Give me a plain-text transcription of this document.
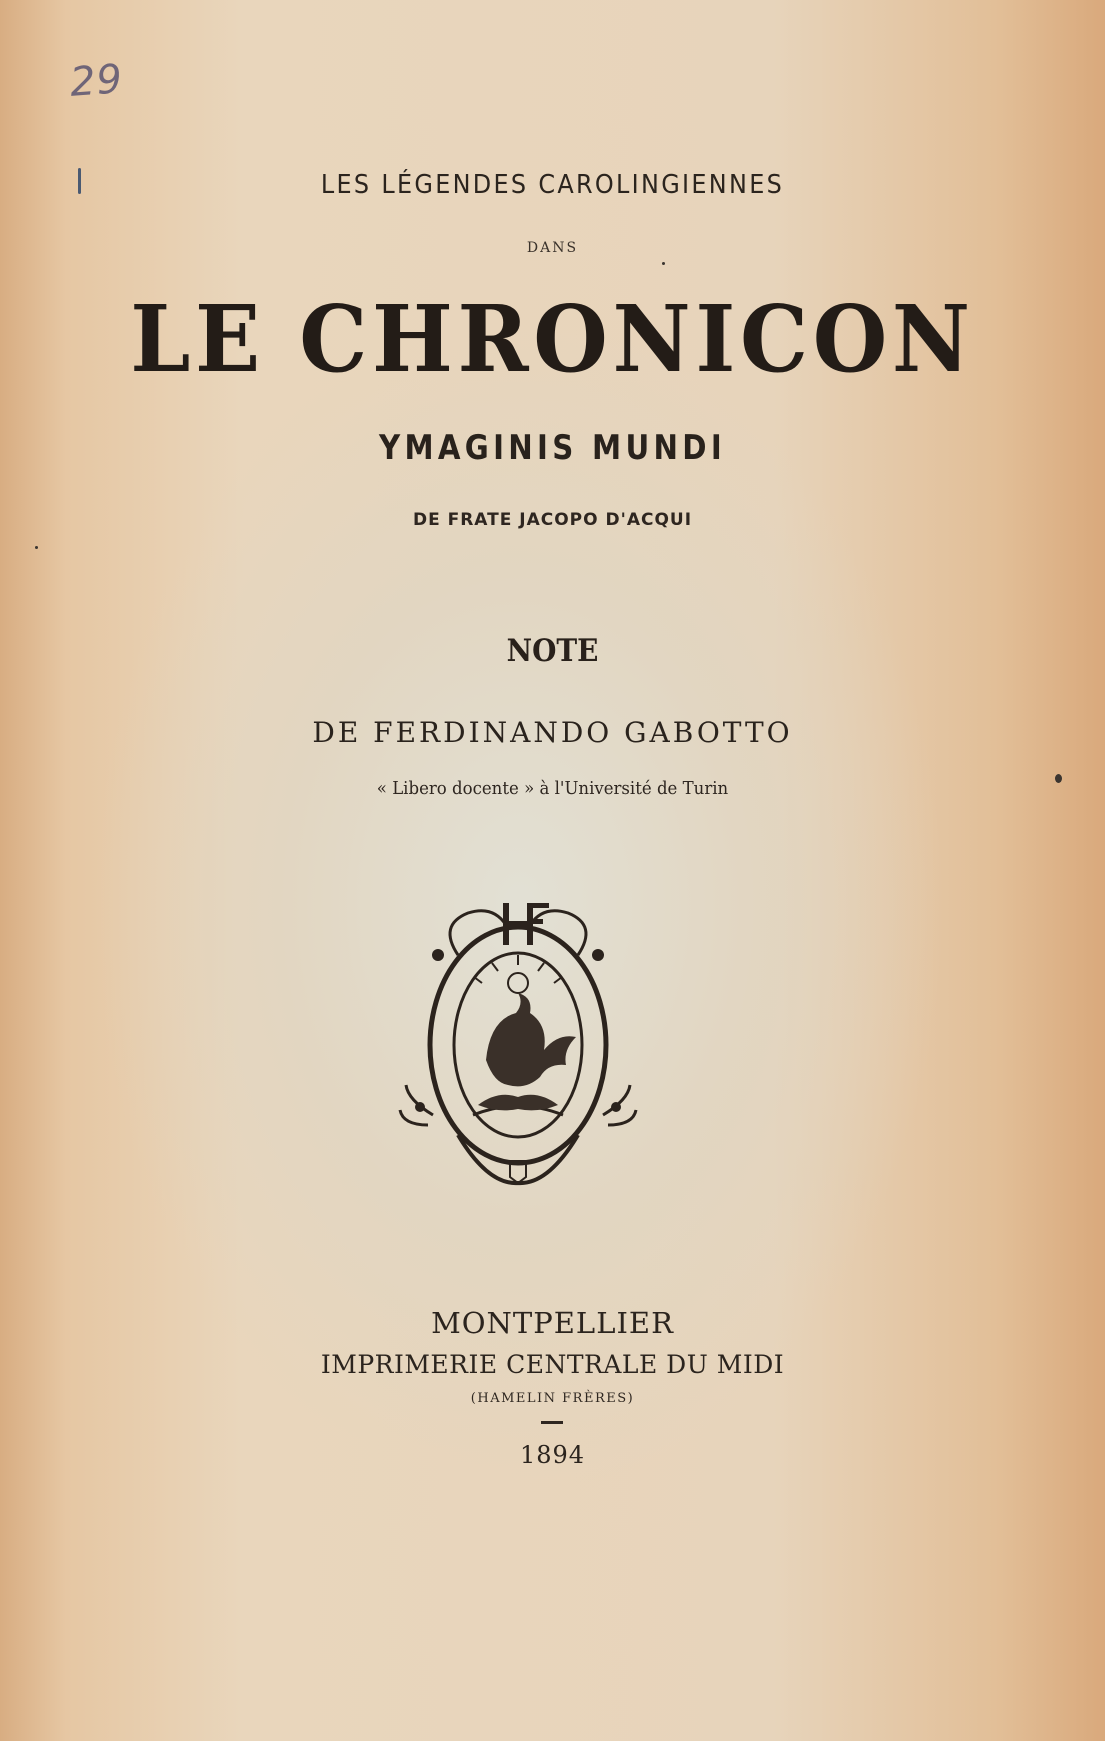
29
LES LÉGENDES CAROLINGIENNES
DANS
LE CHRONICON
YMAGINIS MUNDI
DE FRATE JACOPO D'ACQUI
NOTE
DE FERDINANDO GABOTTO
« Libero docente » à l'Université de Turin
MONTPELLIER
IMPRIMERIE CENTRALE DU MIDI
(HAMELIN FRÈRES)
1894
